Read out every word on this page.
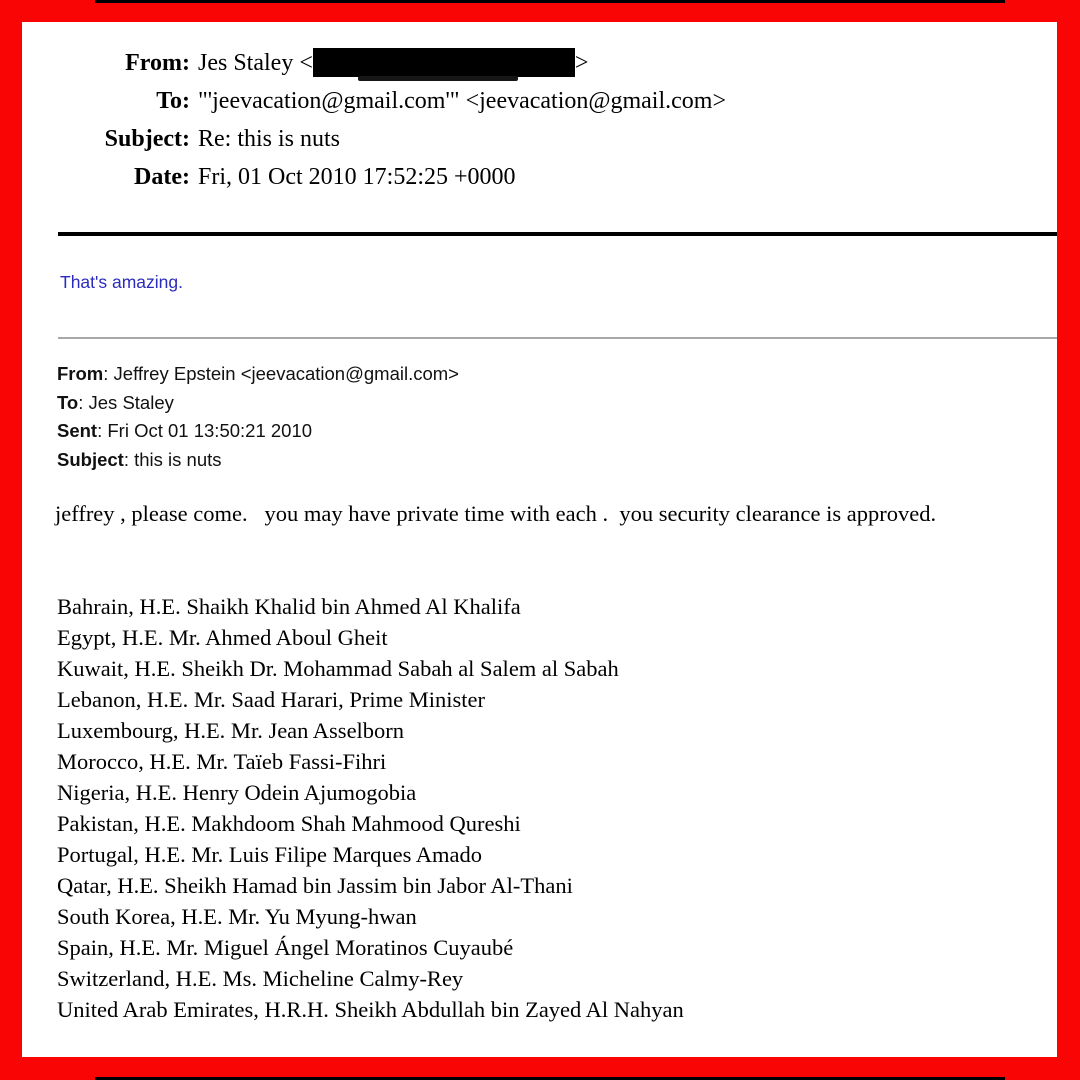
From: Jes Staley <	>
To: "'jeevacation@gmail.com'" <jeevacation@gmail.com>
Subject: Re: this is nuts
Date: Fri, 01 Oct 2010 17:52:25 +0000
That's amazing.
From: Jeffrey Epstein <jeevacation@gmail.com>
To: Jes Staley
Sent: Fri Oct 01 13:50:21 2010
Subject: this is nuts
jeffrey , please come.   you may have private time with each .  you security clearance is approved.
Bahrain, H.E. Shaikh Khalid bin Ahmed Al Khalifa
Egypt, H.E. Mr. Ahmed Aboul Gheit
Kuwait, H.E. Sheikh Dr. Mohammad Sabah al Salem al Sabah
Lebanon, H.E. Mr. Saad Harari, Prime Minister
Luxembourg, H.E. Mr. Jean Asselborn
Morocco, H.E. Mr. Taïeb Fassi-Fihri
Nigeria, H.E. Henry Odein Ajumogobia
Pakistan, H.E. Makhdoom Shah Mahmood Qureshi
Portugal, H.E. Mr. Luis Filipe Marques Amado
Qatar, H.E. Sheikh Hamad bin Jassim bin Jabor Al-Thani
South Korea, H.E. Mr. Yu Myung-hwan
Spain, H.E. Mr. Miguel Ángel Moratinos Cuyaubé
Switzerland, H.E. Ms. Micheline Calmy-Rey
United Arab Emirates, H.R.H. Sheikh Abdullah bin Zayed Al Nahyan
